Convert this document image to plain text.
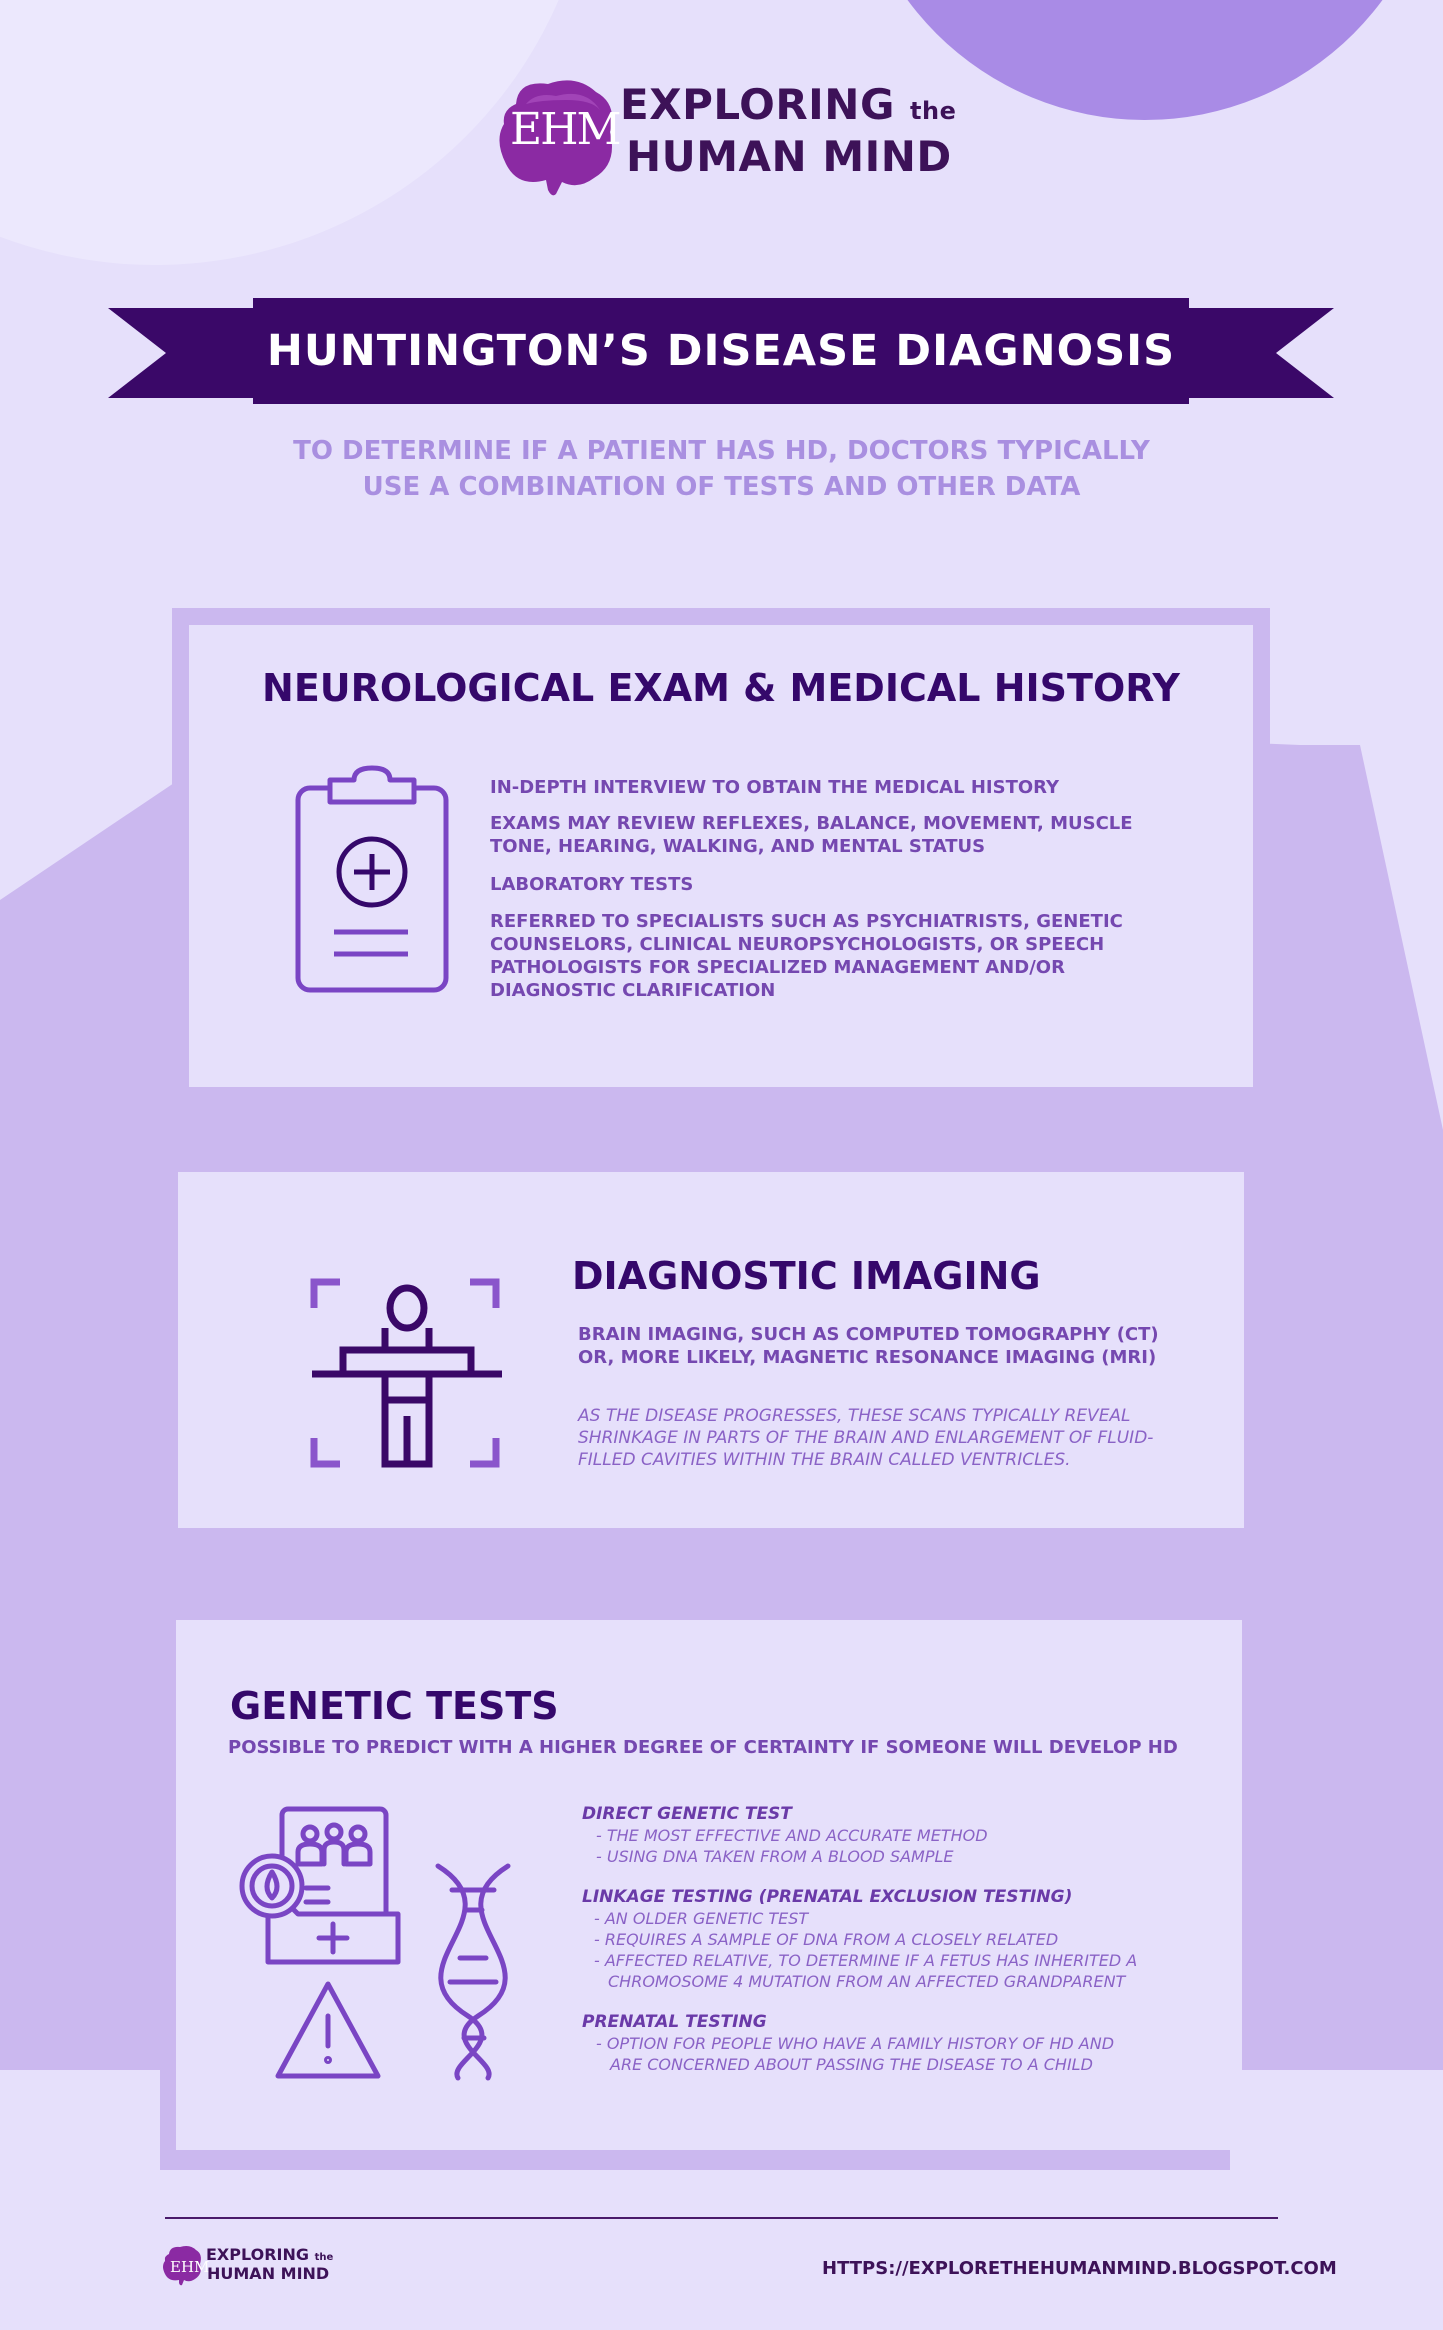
EHM EXPLORING the
HUMAN MIND
HUNTINGTON’S DISEASE DIAGNOSIS
TO DETERMINE IF A PATIENT HAS HD, DOCTORS TYPICALLY
USE A COMBINATION OF TESTS AND OTHER DATA
NEUROLOGICAL EXAM & MEDICAL HISTORY
IN-DEPTH INTERVIEW TO OBTAIN THE MEDICAL HISTORY
EXAMS MAY REVIEW REFLEXES, BALANCE, MOVEMENT, MUSCLE TONE, HEARING, WALKING, AND MENTAL STATUS
LABORATORY TESTS
REFERRED TO SPECIALISTS SUCH AS PSYCHIATRISTS, GENETIC COUNSELORS, CLINICAL NEUROPSYCHOLOGISTS, OR SPEECH PATHOLOGISTS FOR SPECIALIZED MANAGEMENT AND/OR DIAGNOSTIC CLARIFICATION
DIAGNOSTIC IMAGING
BRAIN IMAGING, SUCH AS COMPUTED TOMOGRAPHY (CT) OR, MORE LIKELY, MAGNETIC RESONANCE IMAGING (MRI)
AS THE DISEASE PROGRESSES, THESE SCANS TYPICALLY REVEAL SHRINKAGE IN PARTS OF THE BRAIN AND ENLARGEMENT OF FLUID-FILLED CAVITIES WITHIN THE BRAIN CALLED VENTRICLES.
GENETIC TESTS
POSSIBLE TO PREDICT WITH A HIGHER DEGREE OF CERTAINTY IF SOMEONE WILL DEVELOP HD
DIRECT GENETIC TEST
- THE MOST EFFECTIVE AND ACCURATE METHOD
- USING DNA TAKEN FROM A BLOOD SAMPLE
LINKAGE TESTING (PRENATAL EXCLUSION TESTING)
- AN OLDER GENETIC TEST
- REQUIRES A SAMPLE OF DNA FROM A CLOSELY RELATED
- AFFECTED RELATIVE, TO DETERMINE IF A FETUS HAS INHERITED A
CHROMOSOME 4 MUTATION FROM AN AFFECTED GRANDPARENT
PRENATAL TESTING
- OPTION FOR PEOPLE WHO HAVE A FAMILY HISTORY OF HD AND
ARE CONCERNED ABOUT PASSING THE DISEASE TO A CHILD
EHM
EXPLORING the
HUMAN MIND	HTTPS://EXPLORETHEHUMANMIND.BLOGSPOT.COM
